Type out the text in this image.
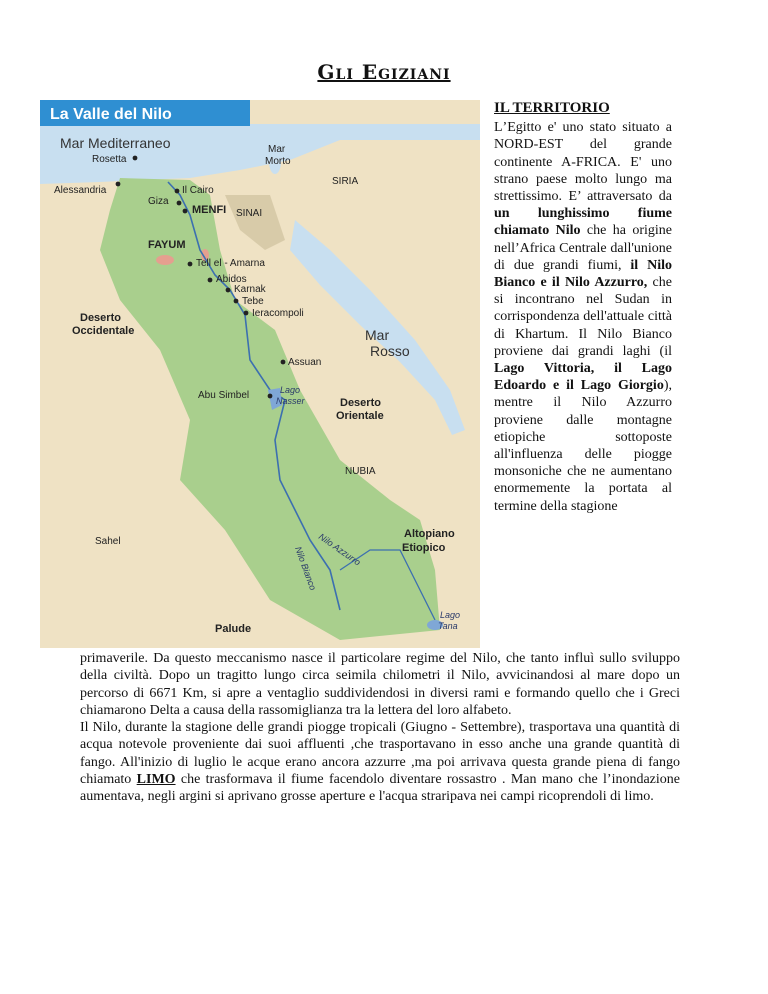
Gli Egiziani
La Valle del Nilo
Mar Mediterraneo	Mar
Morto
SIRIA
Rosetta
Alessandria	Il Cairo
Giza
MENFI SINAI
FAYUM
Tell el - Amarna
Abidos
Karnak
Tebe
Ieracompoli
Deserto
Occidentale	Mar
Rosso
Assuan
Abu Simbel	Lago
Nasser	Deserto
Orientale
NUBIA
Sahel	Nilo Azzurro
Nilo Bianco
Altopiano
Etiopico
Lago
Tana
Palude
IL TERRITORIO

LʼEgitto e' uno stato situato a NORD-EST del grande continente A-FRICA. E' uno strano paese molto lungo ma strettissimo. E’ attraversato da un lunghissimo fiume chiamato Nilo che ha origine nell’Africa Centrale dall'unione di due grandi fiumi, il Nilo Bianco e il Nilo Azzurro, che si incontrano nel Sudan in corrispondenza dell'attuale città di Khartum. Il Nilo Bianco proviene dai grandi laghi (il Lago Vittoria, il Lago Edoardo e il Lago Giorgio), mentre il Nilo Azzurro proviene dalle montagne etiopiche sottoposte all'influenza delle piogge monsoniche che ne aumentano enormemente la portata al termine della stagione

primaverile. Da questo meccanismo nasce il particolare regime del Nilo, che tanto influì sullo sviluppo della civiltà. Dopo un tragitto lungo circa seimila chilometri il Nilo, avvicinandosi al mare dopo un percorso di 6671 Km, si apre a ventaglio suddividendosi in diversi rami e formando quello che i Greci chiamarono Delta a causa della rassomiglianza tra la lettera del loro alfabeto.

Il Nilo, durante la stagione delle grandi piogge tropicali (Giugno - Settembre), trasportava una quantità di acqua notevole proveniente dai suoi affluenti ,che trasportavano in esso anche una grande quantità di fango. All'inizio di luglio le acque erano ancora azzurre ,ma poi arrivava questa grande piena di fango chiamato LIMO che trasformava il fiume facendolo diventare rossastro . Man mano che l’inondazione aumentava, negli argini si aprivano grosse aperture e l'acqua straripava nei campi ricoprendoli di limo.
